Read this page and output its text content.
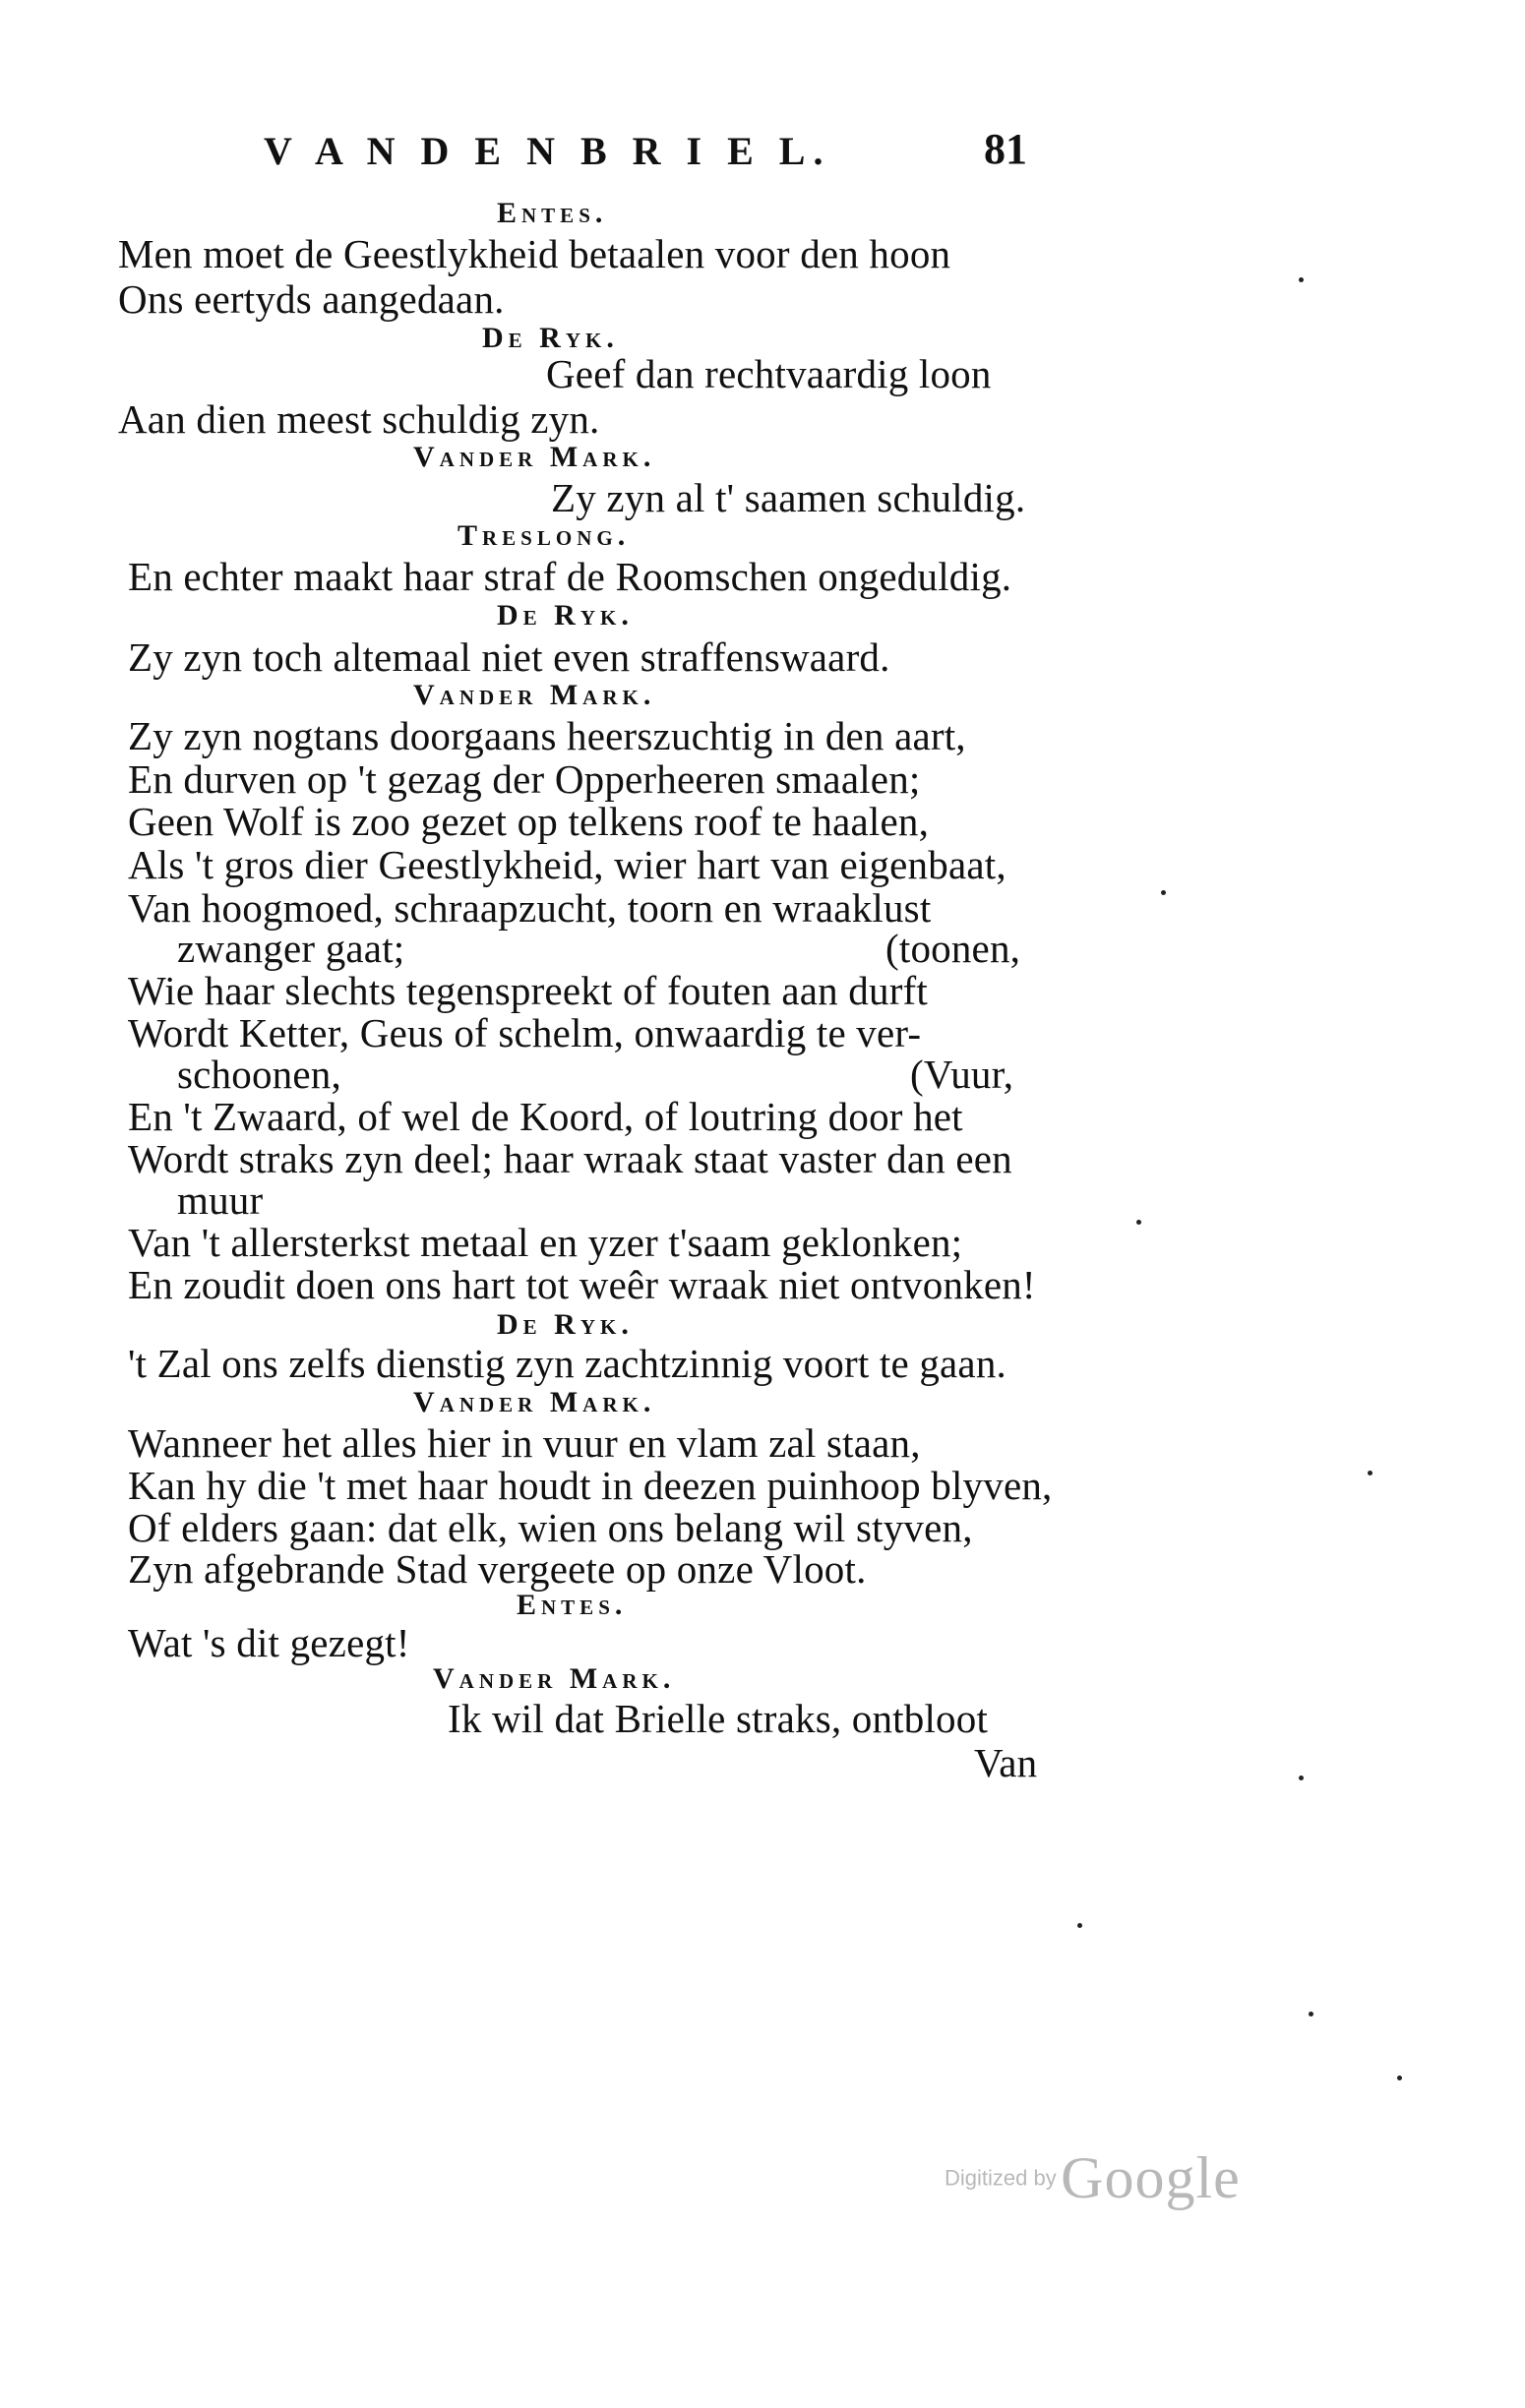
V A N D E N B R I E L.	81
Entes.
Men moet de Geestlykheid betaalen voor den hoon
Ons eertyds aangedaan.
De Ryk.
Geef dan rechtvaardig loon
Aan dien meest schuldig zyn.
Vander Mark.
Zy zyn al t' saamen schuldig.
Treslong.
En echter maakt haar straf de Roomschen ongeduldig.
De Ryk.
Zy zyn toch altemaal niet even straffenswaard.
Vander Mark.
Zy zyn nogtans doorgaans heerszuchtig in den aart,
En durven op 't gezag der Opperheeren smaalen;
Geen Wolf is zoo gezet op telkens roof te haalen,
Als 't gros dier Geestlykheid, wier hart van eigenbaat,
Van hoogmoed, schraapzucht, toorn en wraaklust
zwanger gaat;	(toonen,
Wie haar slechts tegenspreekt of fouten aan durft
Wordt Ketter, Geus of schelm, onwaardig te ver-
schoonen,	(Vuur,
En 't Zwaard, of wel de Koord, of loutring door het
Wordt straks zyn deel; haar wraak staat vaster dan een
muur
Van 't allersterkst metaal en yzer t'saam geklonken;
En zoudit doen ons hart tot weêr wraak niet ontvonken!
De Ryk.
't Zal ons zelfs dienstig zyn zachtzinnig voort te gaan.
Vander Mark.
Wanneer het alles hier in vuur en vlam zal staan,
Kan hy die 't met haar houdt in deezen puinhoop blyven,
Of elders gaan: dat elk, wien ons belang wil styven,
Zyn afgebrande Stad vergeete op onze Vloot.
Entes.
Wat 's dit gezegt!
Vander Mark.
Ik wil dat Brielle straks, ontbloot
Van
Digitized by Google
